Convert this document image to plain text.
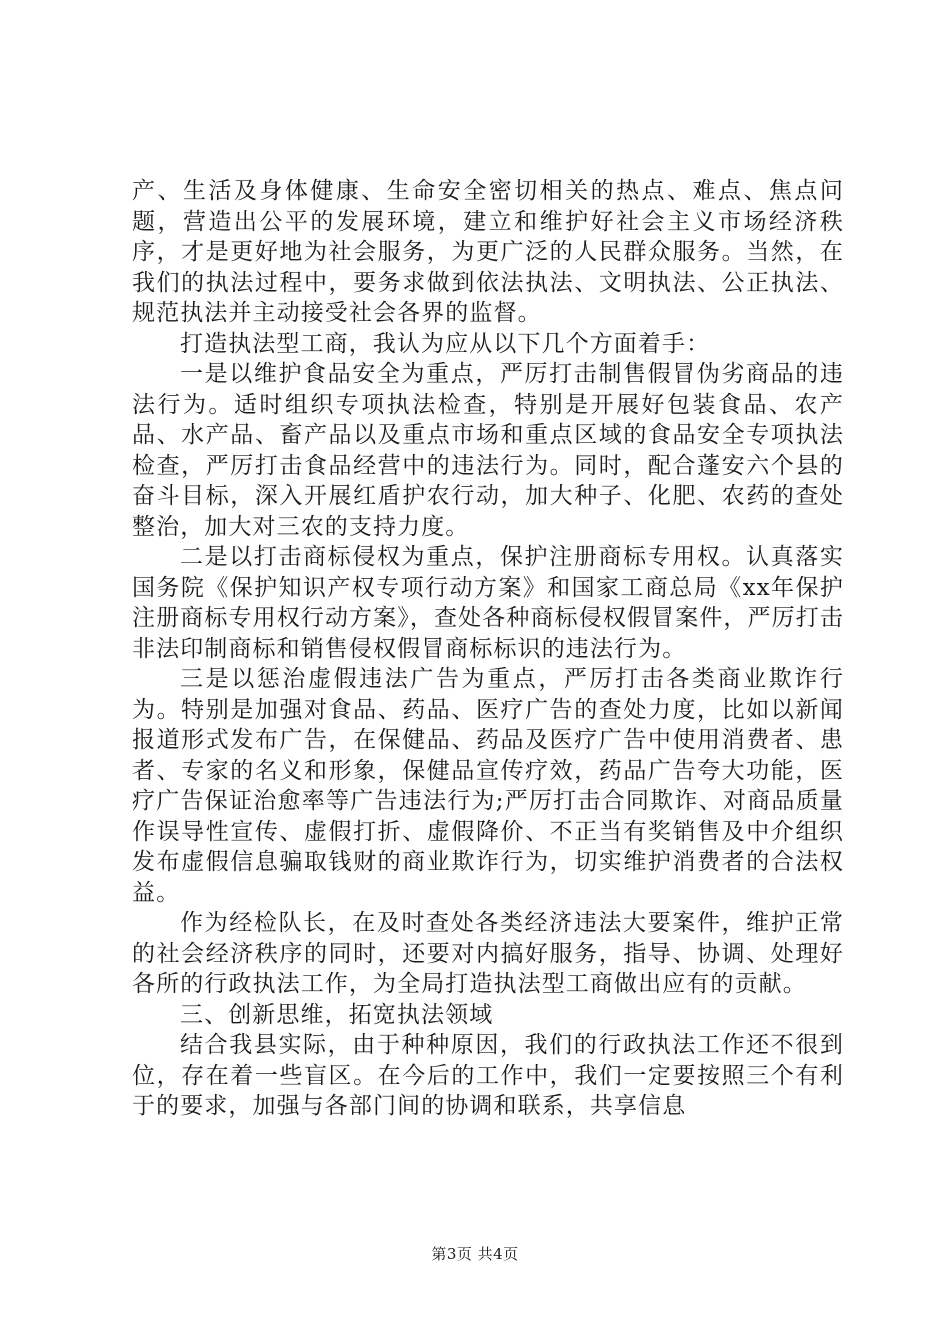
产、生活及身体健康、生命安全密切相关的热点、难点、焦点问题，营造出公平的发展环境，建立和维护好社会主义市场经济秩序，才是更好地为社会服务，为更广泛的人民群众服务。当然，在我们的执法过程中，要务求做到依法执法、文明执法、公正执法、规范执法并主动接受社会各界的监督。

打造执法型工商，我认为应从以下几个方面着手：

一是以维护食品安全为重点，严厉打击制售假冒伪劣商品的违法行为。适时组织专项执法检查，特别是开展好包装食品、农产品、水产品、畜产品以及重点市场和重点区域的食品安全专项执法检查，严厉打击食品经营中的违法行为。同时，配合蓬安六个县的奋斗目标，深入开展红盾护农行动，加大种子、化肥、农药的查处整治，加大对三农的支持力度。

二是以打击商标侵权为重点，保护注册商标专用权。认真落实国务院《保护知识产权专项行动方案》和国家工商总局《xx年保护注册商标专用权行动方案》，查处各种商标侵权假冒案件，严厉打击非法印制商标和销售侵权假冒商标标识的违法行为。

三是以惩治虚假违法广告为重点，严厉打击各类商业欺诈行为。特别是加强对食品、药品、医疗广告的查处力度，比如以新闻报道形式发布广告，在保健品、药品及医疗广告中使用消费者、患者、专家的名义和形象，保健品宣传疗效，药品广告夸大功能，医疗广告保证治愈率等广告违法行为;严厉打击合同欺诈、对商品质量作误导性宣传、虚假打折、虚假降价、不正当有奖销售及中介组织发布虚假信息骗取钱财的商业欺诈行为，切实维护消费者的合法权益。

作为经检队长，在及时查处各类经济违法大要案件，维护正常的社会经济秩序的同时，还要对内搞好服务，指导、协调、处理好各所的行政执法工作，为全局打造执法型工商做出应有的贡献。

三、创新思维，拓宽执法领域

结合我县实际，由于种种原因，我们的行政执法工作还不很到位，存在着一些盲区。在今后的工作中，我们一定要按照三个有利于的要求，加强与各部门间的协调和联系，共享信息

第3页 共4页
